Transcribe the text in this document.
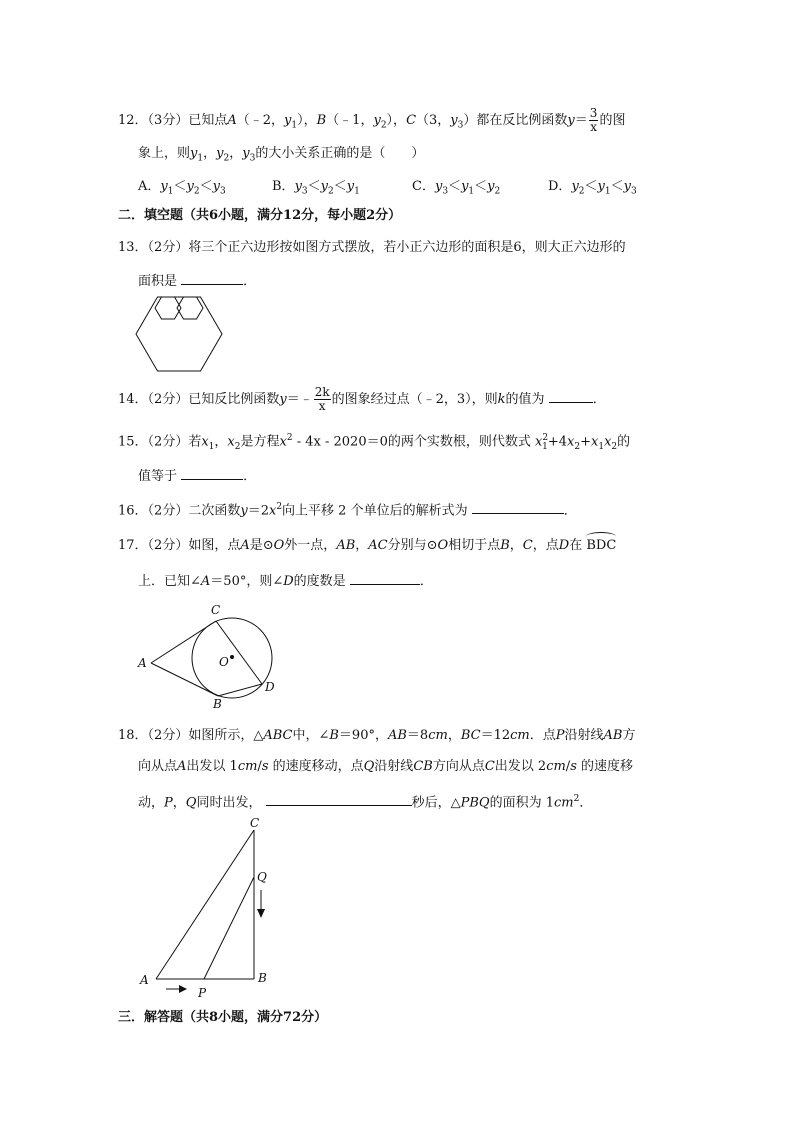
12．（3分）已知点A（﹣2，$y_1$），B（﹣1，$y_2$），C（3，$y_3$）都在反比例函数$y= \frac{3}{x}$ 的图
象上，则$y_1$，$y_2$，$y_3$的大小关系正确的是（　　）
A．$y_1<y_2<y_3$	B．$y_3<y_2<y_1$	C．$y_3<y_1<y_2$	D．$y_2<y_1<y_3$
二．填空题（共6小题，满分12分，每小题2分）
13．（2分）将三个正六边形按如图方式摆放，若小正六边形的面积是6，则大正六边形的
面积是	．
14．（2分）已知反比例函数y＝﹣ $\frac{2k}{x}$ 的图象经过点（﹣2，3），则k的值为	．
15．（2分）若$x_1$，$x_2$是方程$x^2 - 4x - 2020=0$的两个实数根，则代数式 $x^2_1+4x_2+x_1x_2$的
值等于	．
16．（2分）二次函数$y=2x^2$向上平移 2 个单位后的解析式为	．
17．（2分）如图，点A是⊙O外一点，AB，AC分别与⊙O相切于点B，C，点D在 BDC
上．已知∠A＝50°，则∠D的度数是	．
A
B
C
D
O
18．（2分）如图所示，△ABC中，∠B＝90°，AB＝8cm，BC＝12cm．点P沿射线AB方
向从点A出发以 1cm/s 的速度移动，点Q沿射线CB方向从点C出发以 2cm/s 的速度移
动，P，Q同时出发，	秒后，△PBQ的面积为 $1cm^2$．
A	B
C
P
Q
三．解答题（共8小题，满分72分）
